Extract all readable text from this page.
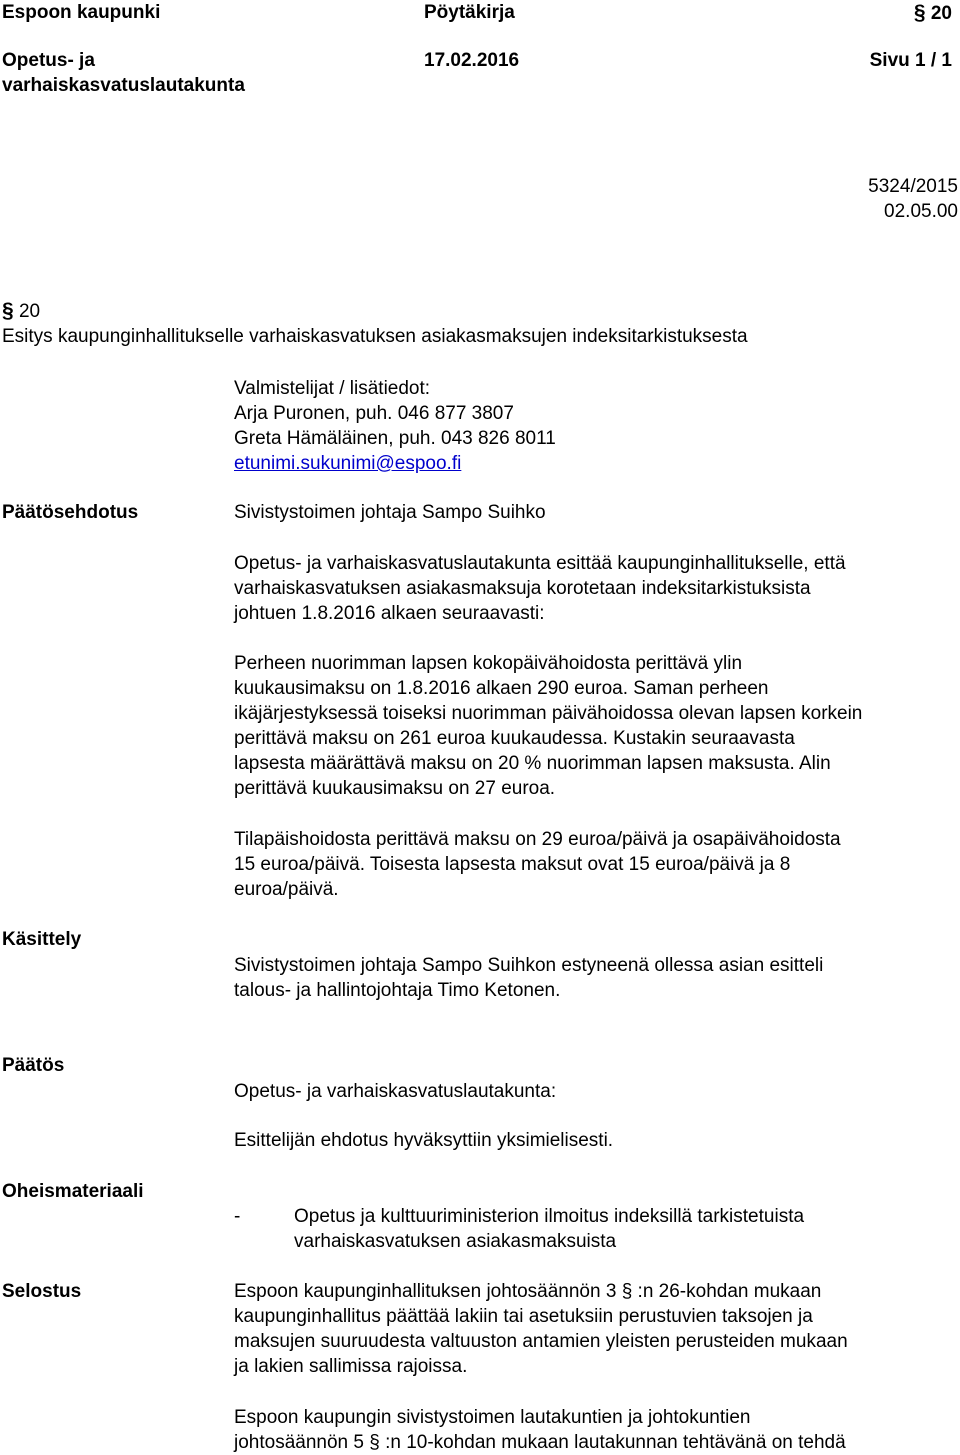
Espoon kaupunki	Pöytäkirja	§ 20
Opetus- ja
varhaiskasvatuslautakunta
17.02.2016	Sivu 1 / 1
5324/2015
02.05.00
§ 20
Esitys kaupunginhallitukselle varhaiskasvatuksen asiakasmaksujen indeksitarkistuksesta
Valmistelijat / lisätiedot:
Arja Puronen, puh. 046 877 3807
Greta Hämäläinen, puh. 043 826 8011
etunimi.sukunimi@espoo.fi
Päätösehdotus	Sivistystoimen johtaja Sampo Suihko
Opetus- ja varhaiskasvatuslautakunta esittää kaupunginhallitukselle, että
varhaiskasvatuksen asiakasmaksuja korotetaan indeksitarkistuksista
johtuen 1.8.2016 alkaen seuraavasti:
Perheen nuorimman lapsen kokopäivähoidosta perittävä ylin
kuukausimaksu on 1.8.2016 alkaen 290 euroa. Saman perheen
ikäjärjestyksessä toiseksi nuorimman päivähoidossa olevan lapsen korkein
perittävä maksu on 261 euroa kuukaudessa. Kustakin seuraavasta
lapsesta määrättävä maksu on 20 % nuorimman lapsen maksusta. Alin
perittävä kuukausimaksu on 27 euroa.
Tilapäishoidosta perittävä maksu on 29 euroa/päivä ja osapäivähoidosta
15 euroa/päivä. Toisesta lapsesta maksut ovat 15 euroa/päivä ja 8
euroa/päivä.
Käsittely
Sivistystoimen johtaja Sampo Suihkon estyneenä ollessa asian esitteli
talous- ja hallintojohtaja Timo Ketonen.
Päätös
Opetus- ja varhaiskasvatuslautakunta:
Esittelijän ehdotus hyväksyttiin yksimielisesti.
Oheismateriaali
-	Opetus ja kulttuuriministerion ilmoitus indeksillä tarkistetuista
varhaiskasvatuksen asiakasmaksuista
Selostus	Espoon kaupunginhallituksen johtosäännön 3 § :n 26-kohdan mukaan
kaupunginhallitus päättää lakiin tai asetuksiin perustuvien taksojen ja
maksujen suuruudesta valtuuston antamien yleisten perusteiden mukaan
ja lakien sallimissa rajoissa.
Espoon kaupungin sivistystoimen lautakuntien ja johtokuntien
johtosäännön 5 § :n 10-kohdan mukaan lautakunnan tehtävänä on tehdä
